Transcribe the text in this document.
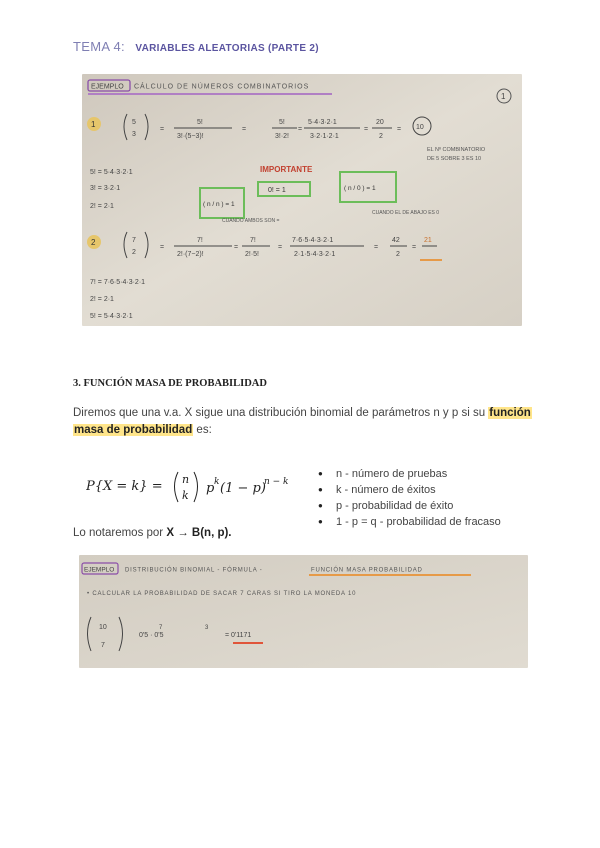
TEMA 4: VARIABLES ALEATORIAS (PARTE 2)
EJEMPLO CÁLCULO DE NÚMEROS COMBINATORIOS
1
1	5
3
=
5!
3!·(5−3)!
=
5!
3!·2!
=
5·4·3·2·1
3·2·1·2·1
=
20
2
= 10
EL Nº COMBINATORIO
DE 5 SOBRE 3 ES 10
5! = 5·4·3·2·1
3! = 3·2·1
2! = 2·1
IMPORTANTE
0! = 1
( n / n ) = 1
( n / 0 ) = 1
CUANDO AMBOS SON =
CUANDO EL DE ABAJO ES 0
2	7
2
=
7!
2!·(7−2)!
=
7!
2!·5!
=
7·6·5·4·3·2·1
2·1·5·4·3·2·1
=
42
2
=
21
7! = 7·6·5·4·3·2·1
2! = 2·1
5! = 5·4·3·2·1
3. FUNCIÓN MASA DE PROBABILIDAD
Diremos que una v.a. X sigue una distribución binomial de parámetros n y p si su función
masa de probabilidad es:
P{X = k} = n
k p k (1 − p)
n − k
● n - número de pruebas
● k - número de éxitos
● p - probabilidad de éxito
● 1 - p = q - probabilidad de fracaso
Lo notaremos por X → B(n, p).
EJEMPLO DISTRIBUCIÓN BINOMIAL - FÓRMULA -	FUNCIÓN MASA PROBABILIDAD
• CALCULAR LA PROBABILIDAD DE SACAR 7 CARAS SI TIRO LA MONEDA 10
10
7
0'5 · 0'5
7	3
= 0'1171
